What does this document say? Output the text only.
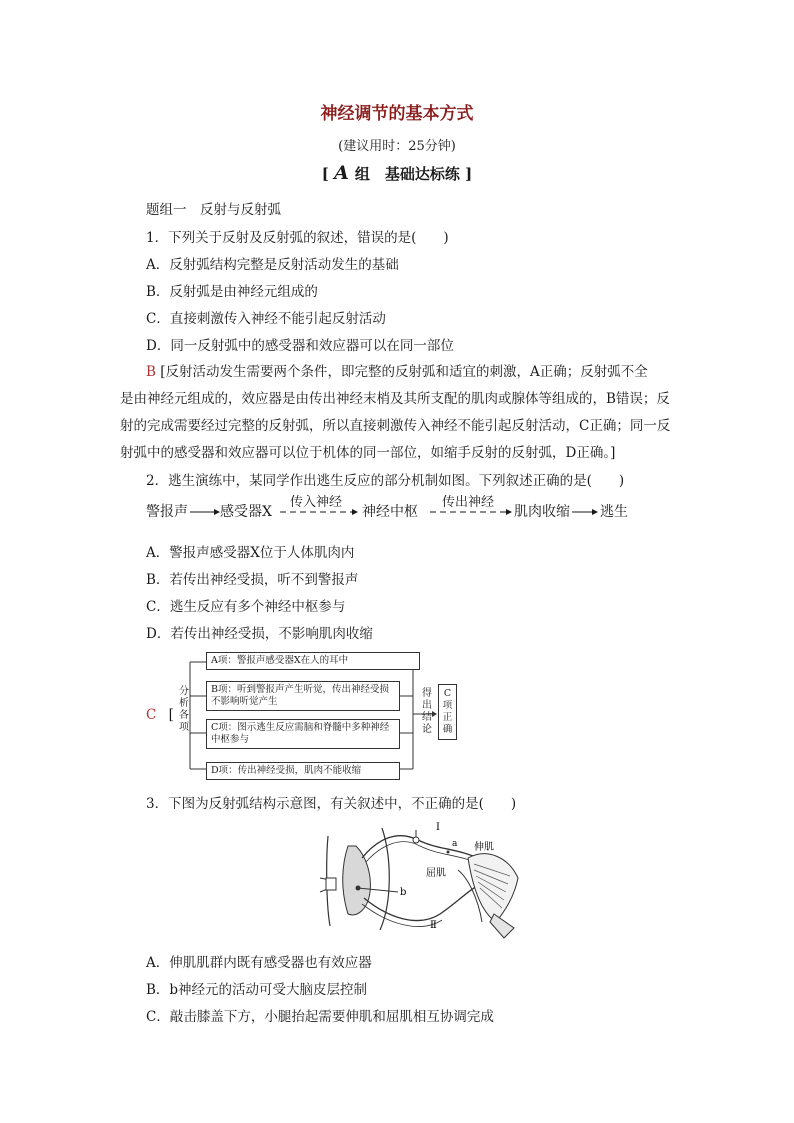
神经调节的基本方式
(建议用时：25分钟)
[ A 组　基础达标练 ]
题组一　反射与反射弧
1．下列关于反射及反射弧的叙述，错误的是(　　)
A．反射弧结构完整是反射活动发生的基础
B．反射弧是由神经元组成的
C．直接刺激传入神经不能引起反射活动
D．同一反射弧中的感受器和效应器可以在同一部位
B [反射活动发生需要两个条件，即完整的反射弧和适宜的刺激，A正确；反射弧不全
是由神经元组成的，效应器是由传出神经末梢及其所支配的肌肉或腺体等组成的，B错误；反
射的完成需要经过完整的反射弧，所以直接刺激传入神经不能引起反射活动，C正确；同一反
射弧中的感受器和效应器可以位于机体的同一部位，如缩手反射的反射弧，D正确。]
2．逃生演练中，某同学作出逃生反应的部分机制如图。下列叙述正确的是(　　)
警报声 感受器X
传入神经
神经中枢
传出神经
肌肉收缩 逃生
A．警报声感受器X位于人体肌肉内
B．若传出神经受损，听不到警报声
C．逃生反应有多个神经中枢参与
D．若传出神经受损，不影响肌肉收缩
C [
分析各项
A项：警报声感受器X在人的耳中
B项：听到警报声产生听觉，传出神经受损不影响听觉产生
C项：图示逃生反应需脑和脊髓中多种神经中枢参与
D项：传出神经受损，肌肉不能收缩
得出结论
C项正确
3．下图为反射弧结构示意图，有关叙述中，不正确的是(　　)
Ⅰ
a
b
Ⅱ
伸肌
屈肌
A．伸肌肌群内既有感受器也有效应器
B．b神经元的活动可受大脑皮层控制
C．敲击膝盖下方，小腿抬起需要伸肌和屈肌相互协调完成
